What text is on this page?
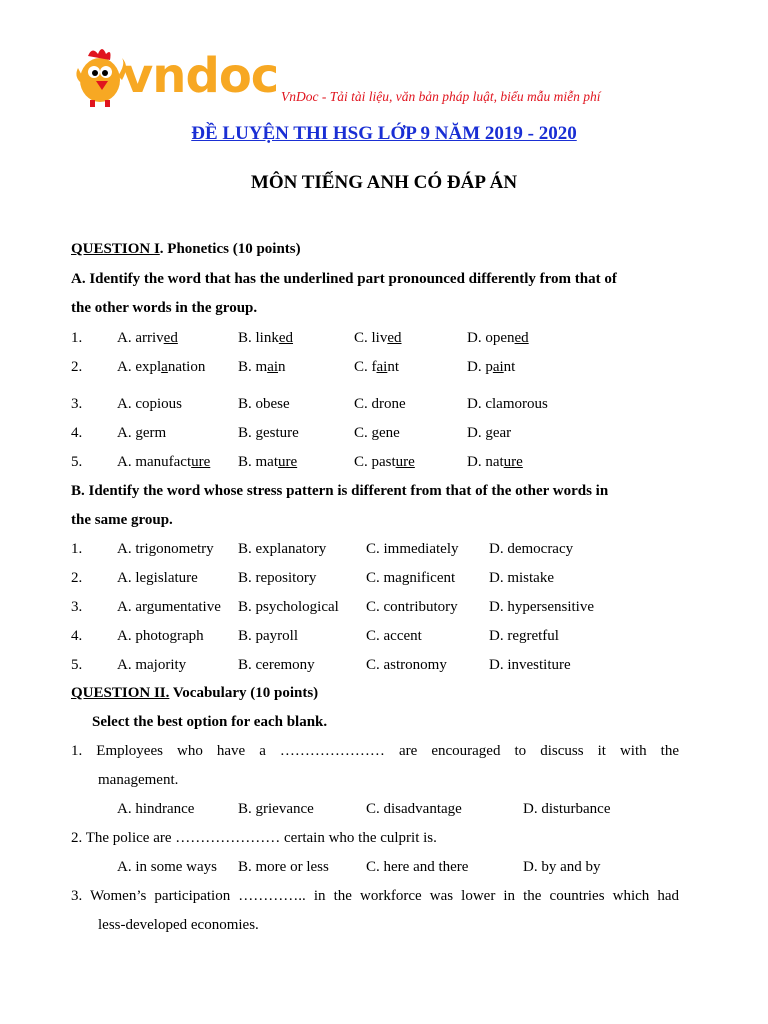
vndoc VnDoc - Tải tài liệu, văn bản pháp luật, biểu mẫu miễn phí
ĐỀ LUYỆN THI HSG LỚP 9 NĂM 2019 - 2020
MÔN TIẾNG ANH CÓ ĐÁP ÁN
QUESTION I. Phonetics (10 points)
A. Identify the word that has the underlined part pronounced differently from that of
the other words in the group.
1. A. arrived	B. linked	C. lived	D. opened
2. A. explanation B. main	C. faint	D. paint
3. A. copious	B. obese	C. drone	D. clamorous
4. A. germ	B. gesture	C. gene	D. gear
5. A. manufacture B. mature	C. pasture	D. nature
B. Identify the word whose stress pattern is different from that of the other words in
the same group.
1. A. trigonometry B. explanatory	C. immediately D. democracy
2. A. legislature	B. repository	C. magnificent D. mistake
3. A. argumentative B. psychological C. contributory D. hypersensitive
4. A. photograph B. payroll	C. accent	D. regretful
5. A. majority	B. ceremony	C. astronomy	D. investiture
QUESTION II. Vocabulary (10 points)
Select the best option for each blank.
1. Employees who have a ………………… are encouraged to discuss it with the
management.
A. hindrance	B. grievance	C. disadvantage	D. disturbance
2. The police are ………………… certain who the culprit is.
A. in some ways B. more or less C. here and there	D. by and by
3. Women’s participation ………….. in the workforce was lower in the countries which had
less-developed economies.
